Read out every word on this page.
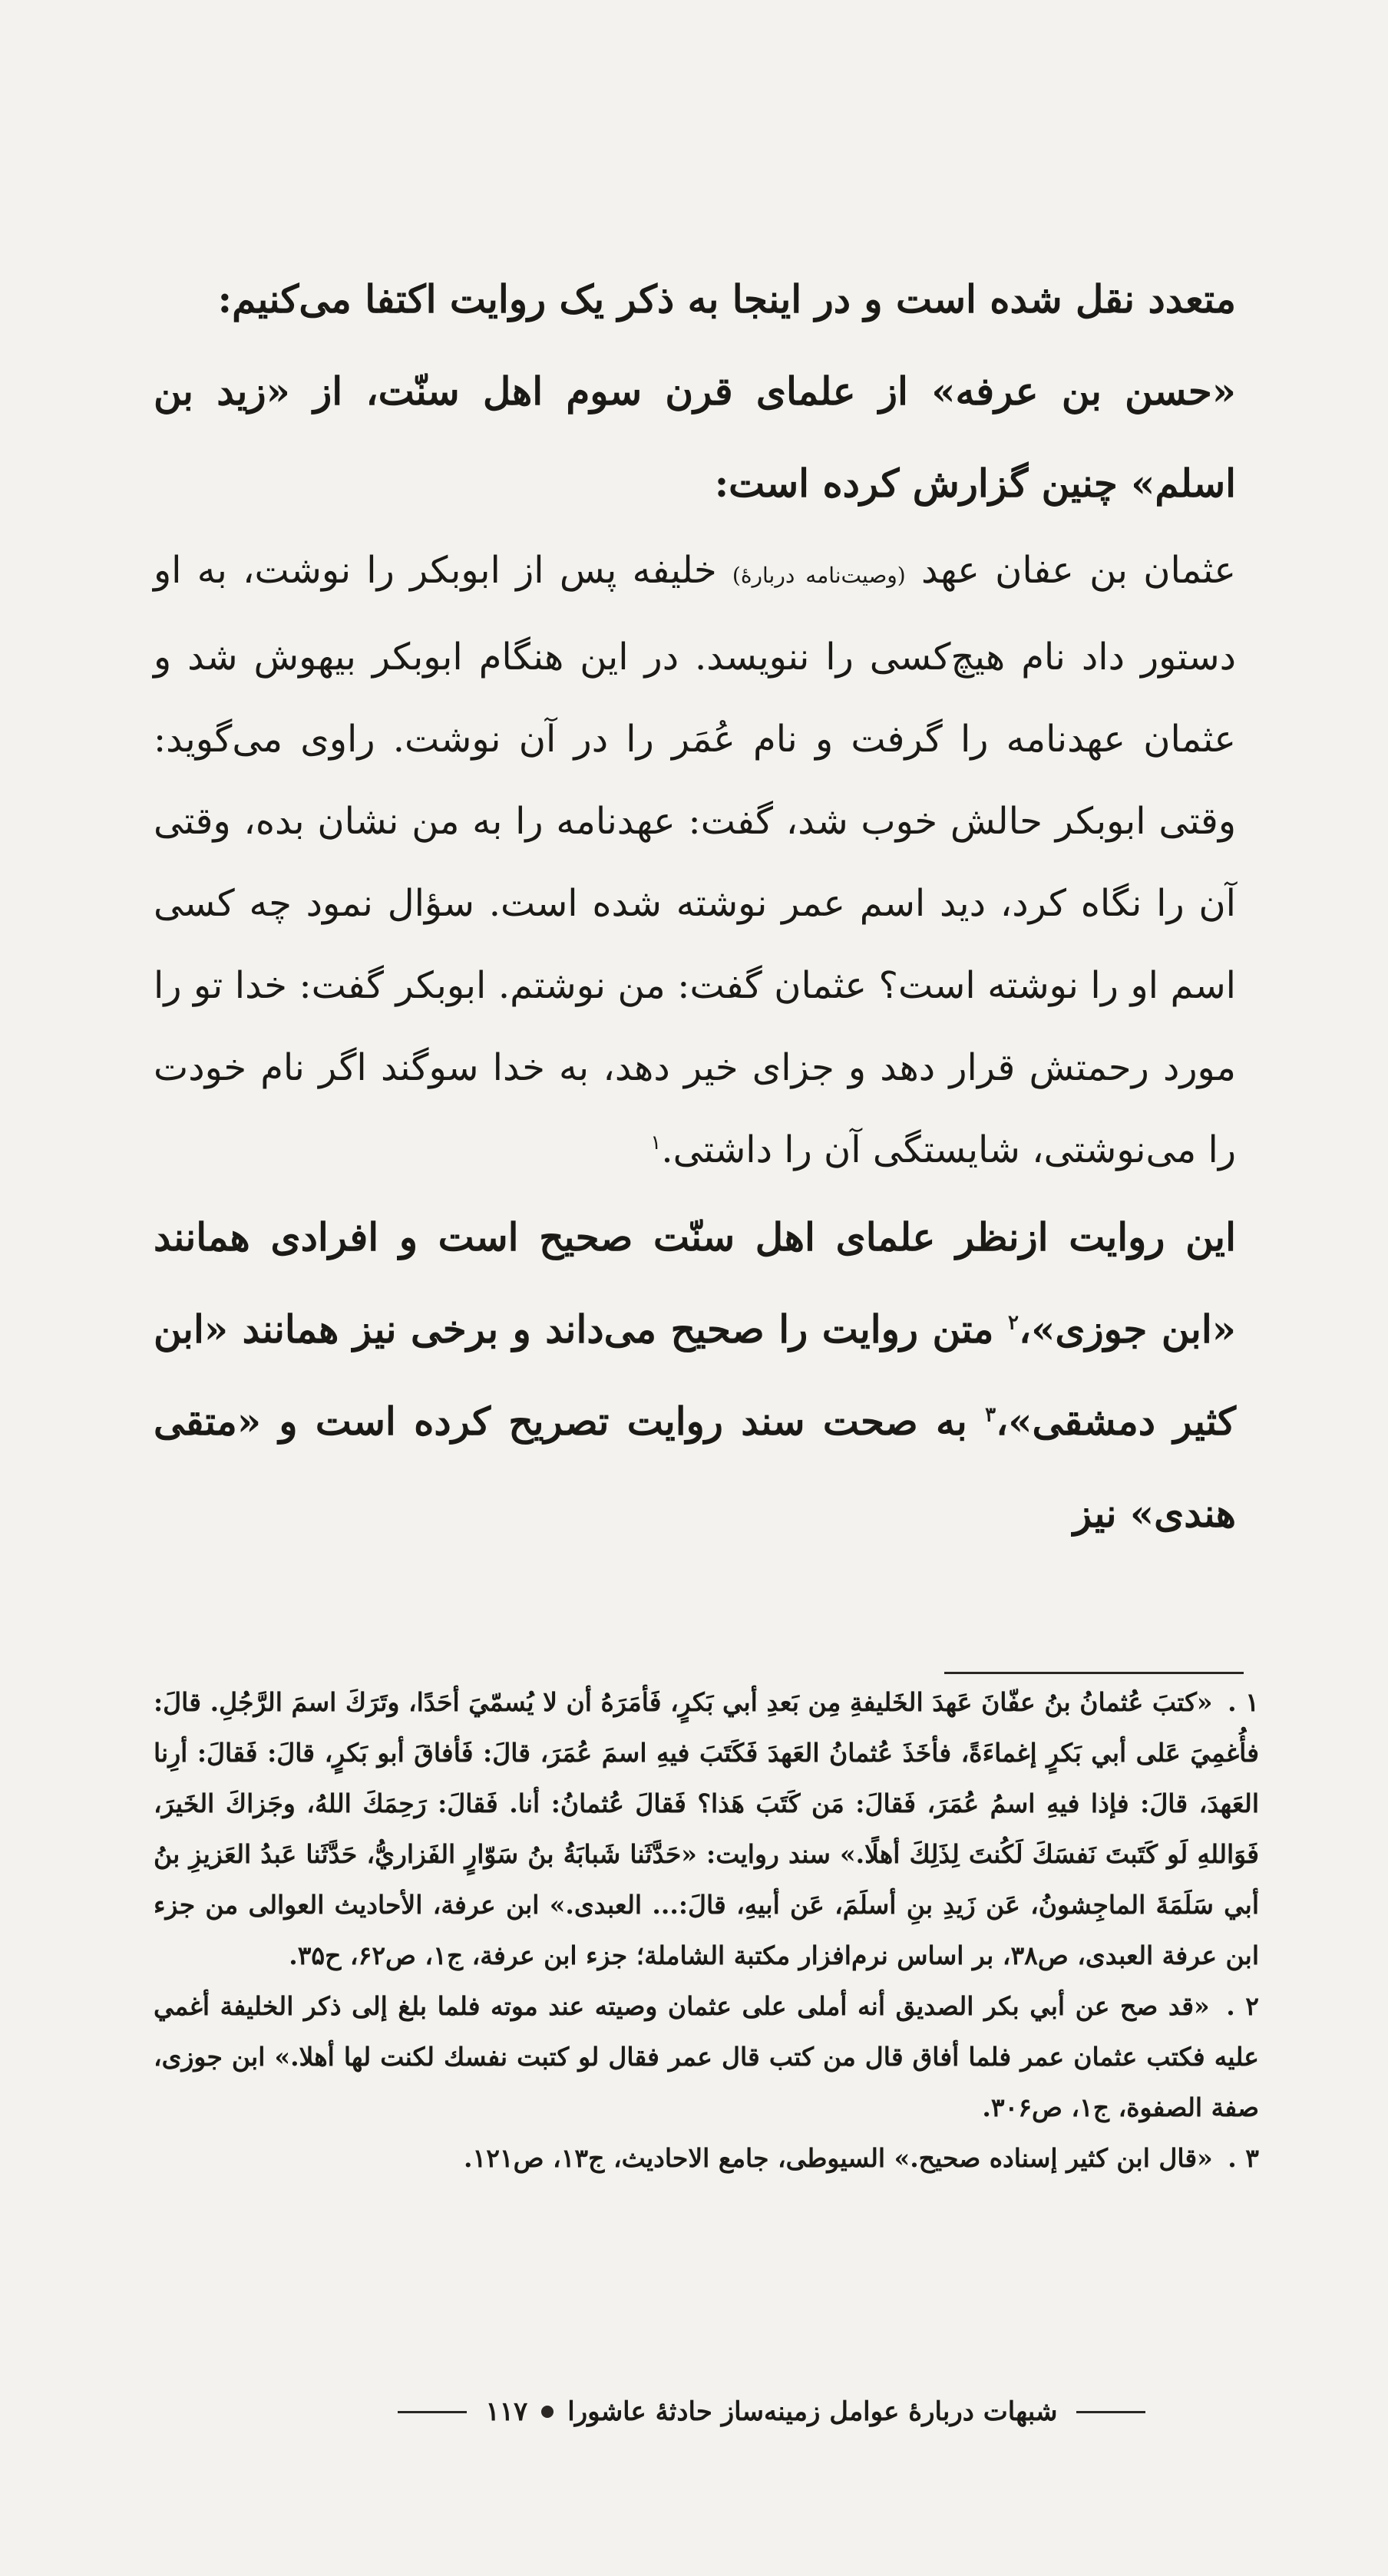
متعدد نقل شده است و در اینجا به ذکر یک روایت اکتفا می‌کنیم:

«حسن بن عرفه» از علمای قرن سوم اهل سنّت، از «زید بن اسلم» چنین گزارش کرده است:

عثمان بن عفان عهد (وصیت‌نامه دربارۀ) خلیفه پس از ابوبکر را نوشت، به او دستور داد نام هیچ‌کسی را ننویسد. در این هنگام ابوبکر بیهوش شد و عثمان عهدنامه را گرفت و نام عُمَر را در آن نوشت. راوی می‌گوید: وقتی ابوبکر حالش خوب شد، گفت: عهدنامه را به من نشان بده، وقتی آن را نگاه کرد، دید اسم عمر نوشته شده است. سؤال نمود چه کسی اسم او را نوشته است؟ عثمان گفت: من نوشتم. ابوبکر گفت: خدا تو را مورد رحمتش قرار دهد و جزای خیر دهد، به خدا سوگند اگر نام خودت را می‌نوشتی، شایستگی آن را داشتی.$^۱$

این روایت ازنظر علمای اهل سنّت صحیح است و افرادی همانند «ابن جوزی»،$^۲$ متن روایت را صحیح می‌داند و برخی نیز همانند «ابن کثیر دمشقی»،$^۳$ به صحت سند روایت تصریح کرده است و «متقی هندی» نیز

۱ . «كتبَ عُثمانُ بنُ عفّانَ عَهدَ الخَليفةِ مِن بَعدِ أبي بَكرٍ، فَأمَرَهُ أن لا يُسمّيَ أحَدًا، وتَرَكَ اسمَ الرَّجُلِ. قالَ: فأُغمِيَ عَلى أبي بَكرٍ إغماءَةً، فأخَذَ عُثمانُ العَهدَ فَكَتَبَ فيهِ اسمَ عُمَرَ، قالَ: فَأفاقَ أبو بَكرٍ، قالَ: فَقالَ: أرِنا العَهدَ، قالَ: فإذا فيهِ اسمُ عُمَرَ، فَقالَ: مَن كَتَبَ هَذا؟ فَقالَ عُثمانُ: أنا. فَقالَ: رَحِمَكَ اللهُ، وجَزاكَ الخَيرَ، فَوَاللهِ لَو كَتَبتَ نَفسَكَ لَكُنتَ لِذَلِكَ أهلًا.» سند روایت: «حَدَّثَنا شَبابَةُ بنُ سَوّارٍ الفَزاريُّ، حَدَّثَنا عَبدُ العَزيزِ بنُ أبي سَلَمَةَ الماجِشونُ، عَن زَيدِ بنِ أسلَمَ، عَن أبيهِ، قالَ:... العبدی.» ابن عرفة، الأحاديث العوالى من جزء ابن عرفة العبدى، ص۳۸، بر اساس نرم‌افزار مكتبة الشاملة؛ جزء ابن عرفة، ج۱، ص۶۲، ح۳۵.

۲ . «قد صح عن أبي بكر الصديق أنه أملى على عثمان وصيته عند موته فلما بلغ إلى ذكر الخليفة أغمي عليه فكتب عثمان عمر فلما أفاق قال من كتب قال عمر فقال لو كتبت نفسك لكنت لها أهلا.» ابن جوزى، صفة الصفوة، ج۱، ص۳۰۶.

۳ . «قال ابن كثير إسناده صحيح.» السيوطى، جامع الاحاديث، ج۱۳، ص۱۲۱.

شبهات دربارۀ عوامل زمینه‌ساز حادثۀ عاشورا
۱۱۷
